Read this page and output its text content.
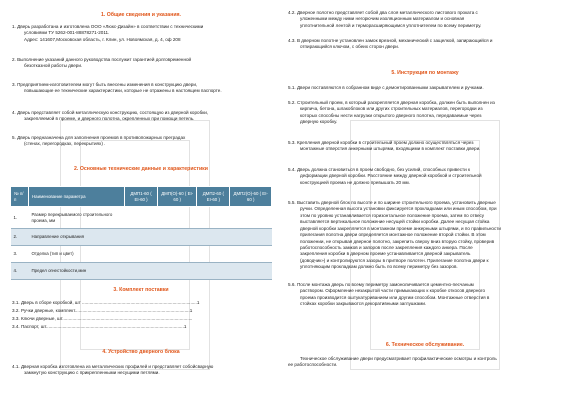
1. Общие сведения и указания.
1. Дверь разработана и изготовлена ООО «Люкс-Дизайн» в соответствии с техническими
условиями ТУ 5262-001-88878271-2011.
Адрес: 141607,Московская область, г. Клин, ул. Новоямская, д. 4, оф 208
2. Выполнение указаний данного руководства послужит гарантией долговременной
безотказной работы двери.
3. Предприятием-изготовителем могут быть внесены изменения в конструкцию двери,
повышающие ее технические характеристики, которые не отражены в настоящем паспорте.
4. Дверь представляет собой металлическую конструкцию, состоящую из дверной коробки,
закрепляемой в проеме, и дверного полотна, окрепленных при помощи петель.
5. Дверь предназначена для заполнения проемов в противопожарных преградах
(стенах, перегородках, перекрытиях) .
2. Основные технические данные и характеристики
№ п/п	Наименование параметра	ДМП1-60 ( EI-60 )	ДМП(О)-60 ( EI-60 )	ДМП2-60 ( EI-60 )	ДМП2(О)-60 ( EI-60 )
1.	Размер перекрываемого строительного проема, мм				
2.	Направление открывания				
3.	Отделка (тип и цвет)				
4.	Предел огнестойкости,мин				
3. Комплект поставки
3.1. Дверь в сборе коробкой, шт ..........................................................................................1
3.2. Ручки дверные, комплект..........................................................................................1
3.3. Ключи дверные, шт......................................................................................................
3.4. Паспорт, шт............................................................................................................1
4. Устройство дверного блока
4.1. Дверная коробка изготовлена из металлических профилей и представляет собойсварную
замкнутую конструкцию с прикрепленными несущими петлями.
4.2. Дверное полотно представляет собой два слоя металлического листового проката с
уложенными между ними негорючим изоляционным материалом и основная
уплотнительной лентой и терморасширяющимся уплотнителем по всему периметру.
4.3. В дверном полотне установлен замок врезной, механический с защелкой, запирающийся и
отпирающийся ключом, с обеих сторон двери.
5. Инструкция по монтажу
5.1. Двери поставляются в собранном виде с демонтированными закрывателем и ручками.
5.2. Строительный проем, в который раскрепляется дверная коробка, должен быть выполнен из
кирпича, бетона, шлакоблоков или других строительных материалов, перегородки из
которых способны нести нагрузки открытого дверного полотна, передаваемые через
дверную коробку.
5.3. Крепления дверной коробки в строительный проем должно осуществляться через
монтажные отверстия анкерными штырями, входящими в комплект поставки двери.
5.4. Дверь должна становиться в проем свободно, без усилий, способных привести к
деформации дверной коробки. Расстояние между дверной коробкой и строительной
конструкцией проема не должно превышать 20 мм.
5.5. Выставить дверной блок по высоте и по ширине строительного проема, установить дверные
ручки. Определенная высота установки фиксируется прокладками или иным способом, при
этом по уровню устанавливается горизонтальное положение проема, затем по отвесу
выставляется вертикальное положение несущей стойки коробки. Далее несущая стойка
дверной коробки закрепляется в монтажном проеме анкерными штырями, и по правильности
прилегания полотна двери определяется монтажное положение второй стойки. В этом
положении, не открывая дверное полотно, закрепить сверху вниз вторую стойку, проверив
работоспособность замков и запоров после закрепления каждого анкера. После
закрепления коробки в дверном проеме устанавливается дверной закрыватель
(доводчик») и контролируются зазоры в притворе полотен. Прилегание полотна двери к
уплотняющим прокладкам должно быть по всему периметру без зазоров.
5.6. После монтажа дверь по всему периметру замоноличивается цементно-песчаным
раствором. Оформление незакрытой части примыкающих к коробке откосов дверного
проема производится оштукатуриванием или другим способом. Монтажные отверстия в
стойках коробки закрываются декоративными заглушками.
6. Техническое обслуживание.
Техническое обслуживание двери предусматривает профилактические осмотры и контроль
ее работоспособности.
